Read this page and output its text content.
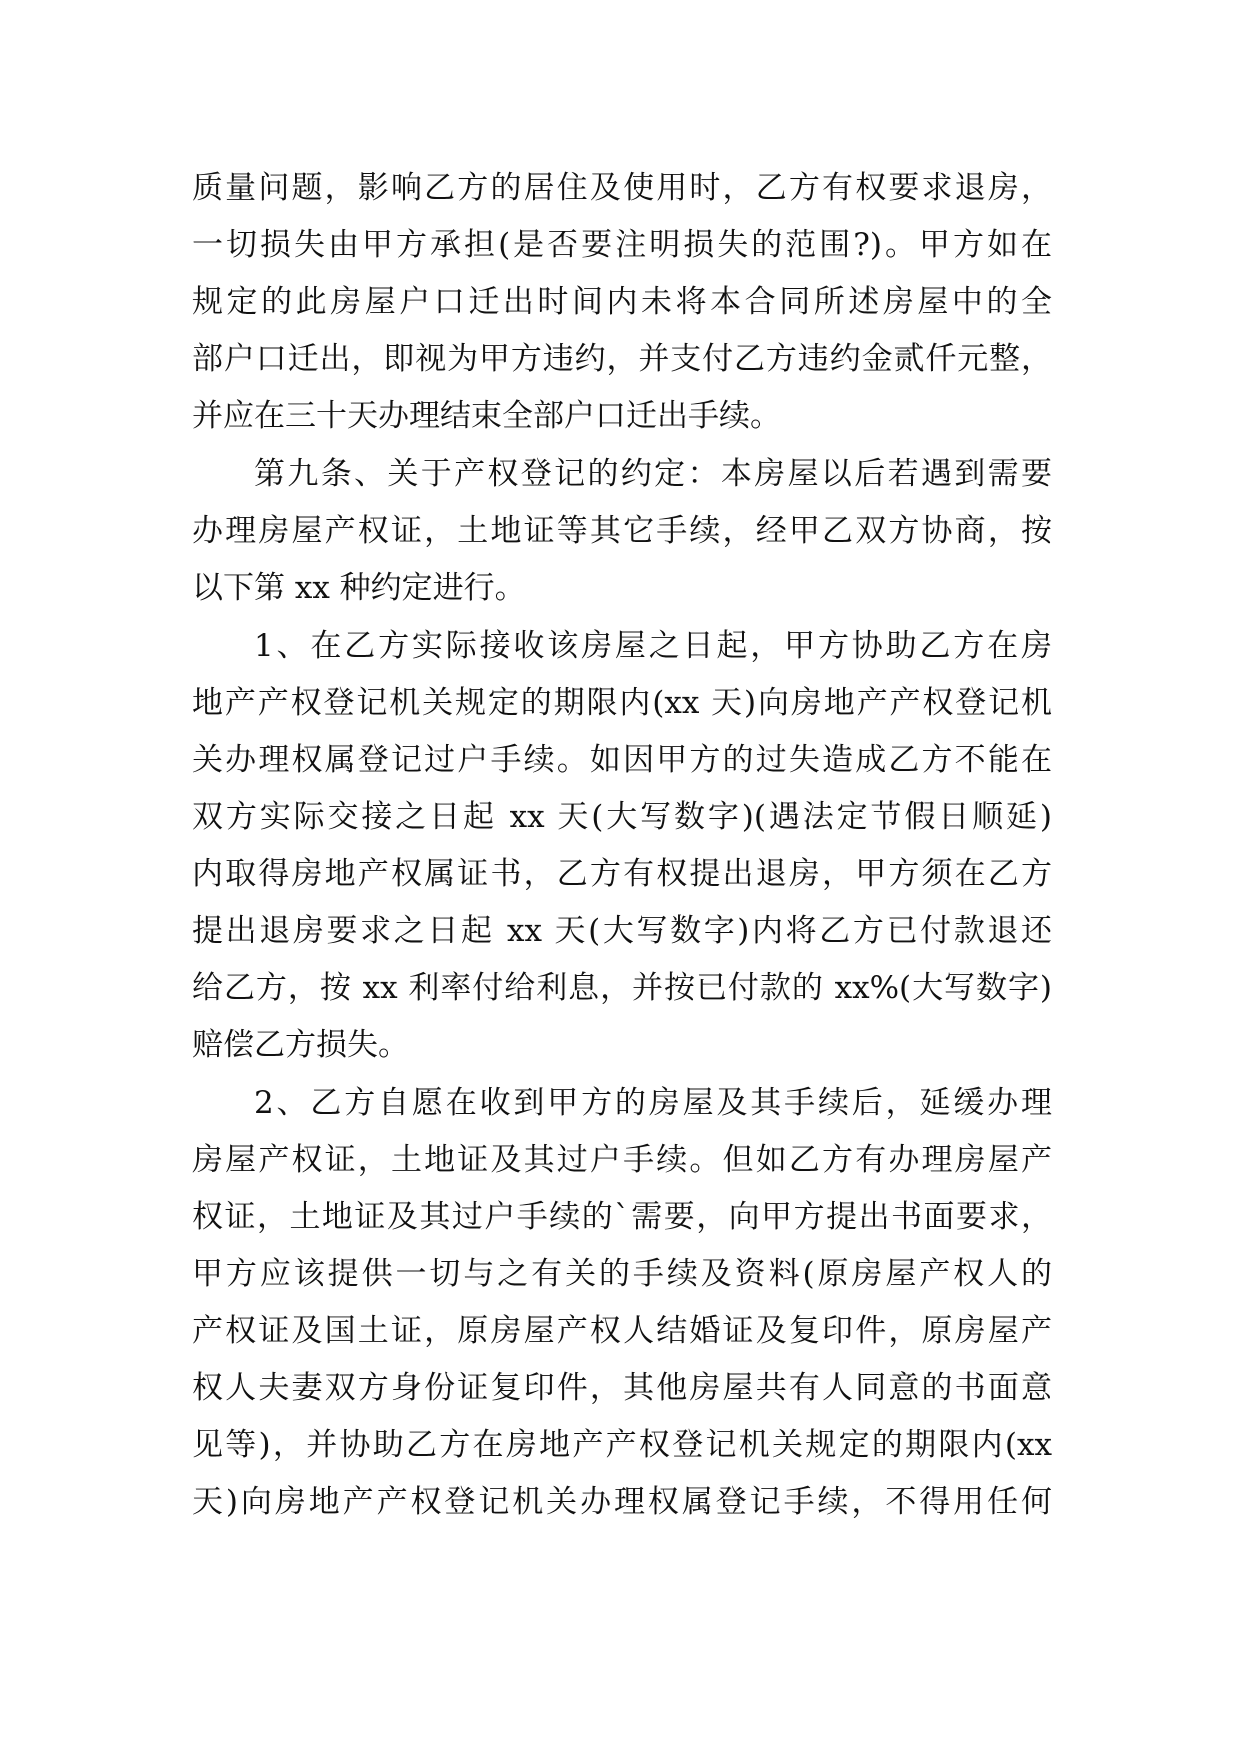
质量问题，影响乙方的居住及使用时，乙方有权要求退房，
一切损失由甲方承担(是否要注明损失的范围?)。甲方如在
规定的此房屋户口迁出时间内未将本合同所述房屋中的全
部户口迁出，即视为甲方违约，并支付乙方违约金贰仟元整，
并应在三十天办理结束全部户口迁出手续。
第九条、关于产权登记的约定：本房屋以后若遇到需要
办理房屋产权证，土地证等其它手续，经甲乙双方协商，按
以下第 xx 种约定进行。
1、在乙方实际接收该房屋之日起，甲方协助乙方在房
地产产权登记机关规定的期限内(xx 天)向房地产产权登记机
关办理权属登记过户手续。如因甲方的过失造成乙方不能在
双方实际交接之日起 xx 天(大写数字)(遇法定节假日顺延)
内取得房地产权属证书，乙方有权提出退房，甲方须在乙方
提出退房要求之日起 xx 天(大写数字)内将乙方已付款退还
给乙方，按 xx 利率付给利息，并按已付款的 xx%(大写数字)
赔偿乙方损失。
2、乙方自愿在收到甲方的房屋及其手续后，延缓办理
房屋产权证，土地证及其过户手续。但如乙方有办理房屋产
权证，土地证及其过户手续的`需要，向甲方提出书面要求，
甲方应该提供一切与之有关的手续及资料(原房屋产权人的
产权证及国土证，原房屋产权人结婚证及复印件，原房屋产
权人夫妻双方身份证复印件，其他房屋共有人同意的书面意
见等)，并协助乙方在房地产产权登记机关规定的期限内(xx
天)向房地产产权登记机关办理权属登记手续，不得用任何
